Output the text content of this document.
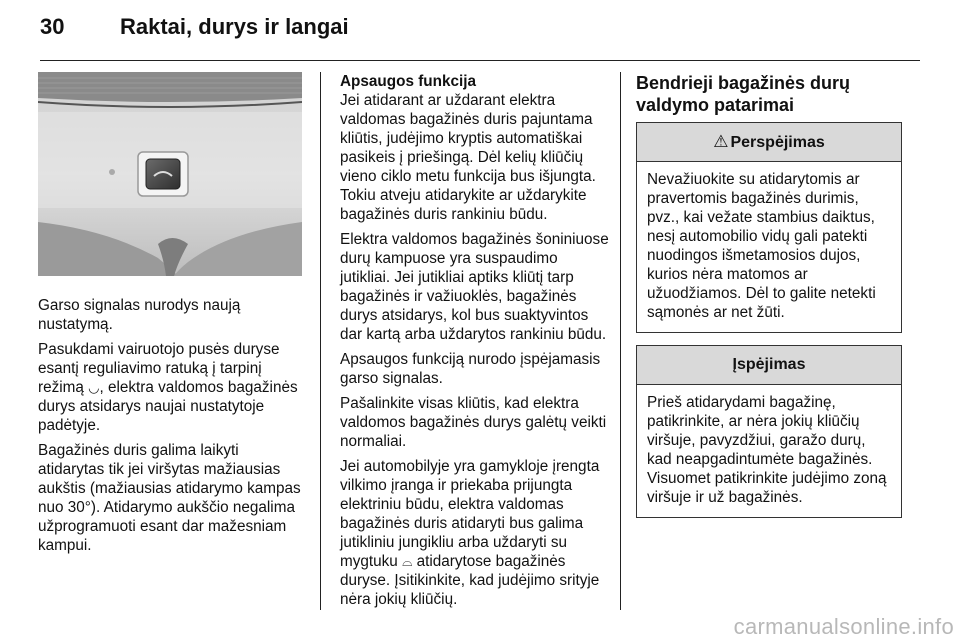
30	Raktai, durys ir langai

Garso signalas nurodys naują nustatymą.

Pasukdami vairuotojo pusės duryse esantį reguliavimo ratuką į tarpinį režimą ◡, elektra valdomos bagažinės durys atsidarys naujai nustatytoje padėtyje.

Bagažinės duris galima laikyti atidarytas tik jei viršytas mažiausias aukštis (mažiausias atidarymo kampas nuo 30°). Atidarymo aukščio negalima užprogramuoti esant dar mažesniam kampui.

Apsaugos funkcija

Jei atidarant ar uždarant elektra valdomas bagažinės duris pajuntama kliūtis, judėjimo kryptis automatiškai pasikeis į priešingą. Dėl kelių kliūčių vieno ciklo metu funkcija bus išjungta. Tokiu atveju atidarykite ar uždarykite bagažinės duris rankiniu būdu.

Elektra valdomos bagažinės šoniniuose durų kampuose yra suspaudimo jutikliai. Jei jutikliai aptiks kliūtį tarp bagažinės ir važiuoklės, bagažinės durys atsidarys, kol bus suaktyvintos dar kartą arba uždarytos rankiniu būdu.

Apsaugos funkciją nurodo įspėjamasis garso signalas.

Pašalinkite visas kliūtis, kad elektra valdomos bagažinės durys galėtų veikti normaliai.

Jei automobilyje yra gamykloje įrengta vilkimo įranga ir priekaba prijungta elektriniu būdu, elektra valdomas bagažinės duris atidaryti bus galima jutikliniu jungikliu arba uždaryti su mygtuku ⌓ atidarytose bagažinės duryse. Įsitikinkite, kad judėjimo srityje nėra jokių kliūčių.

Bendrieji bagažinės durų valdymo patarimai

⚠ Perspėjimas
Nevažiuokite su atidarytomis ar pravertomis bagažinės durimis, pvz., kai vežate stambius daiktus, nesį automobilio vidų gali patekti nuodingos išmetamosios dujos, kurios nėra matomos ar užuodžiamos. Dėl to galite netekti sąmonės ar net žūti.
Įspėjimas
Prieš atidarydami bagažinę, patikrinkite, ar nėra jokių kliūčių viršuje, pavyzdžiui, garažo durų, kad neapgadintumėte bagažinės. Visuomet patikrinkite judėjimo zoną viršuje ir už bagažinės.
carmanualsonline.info
